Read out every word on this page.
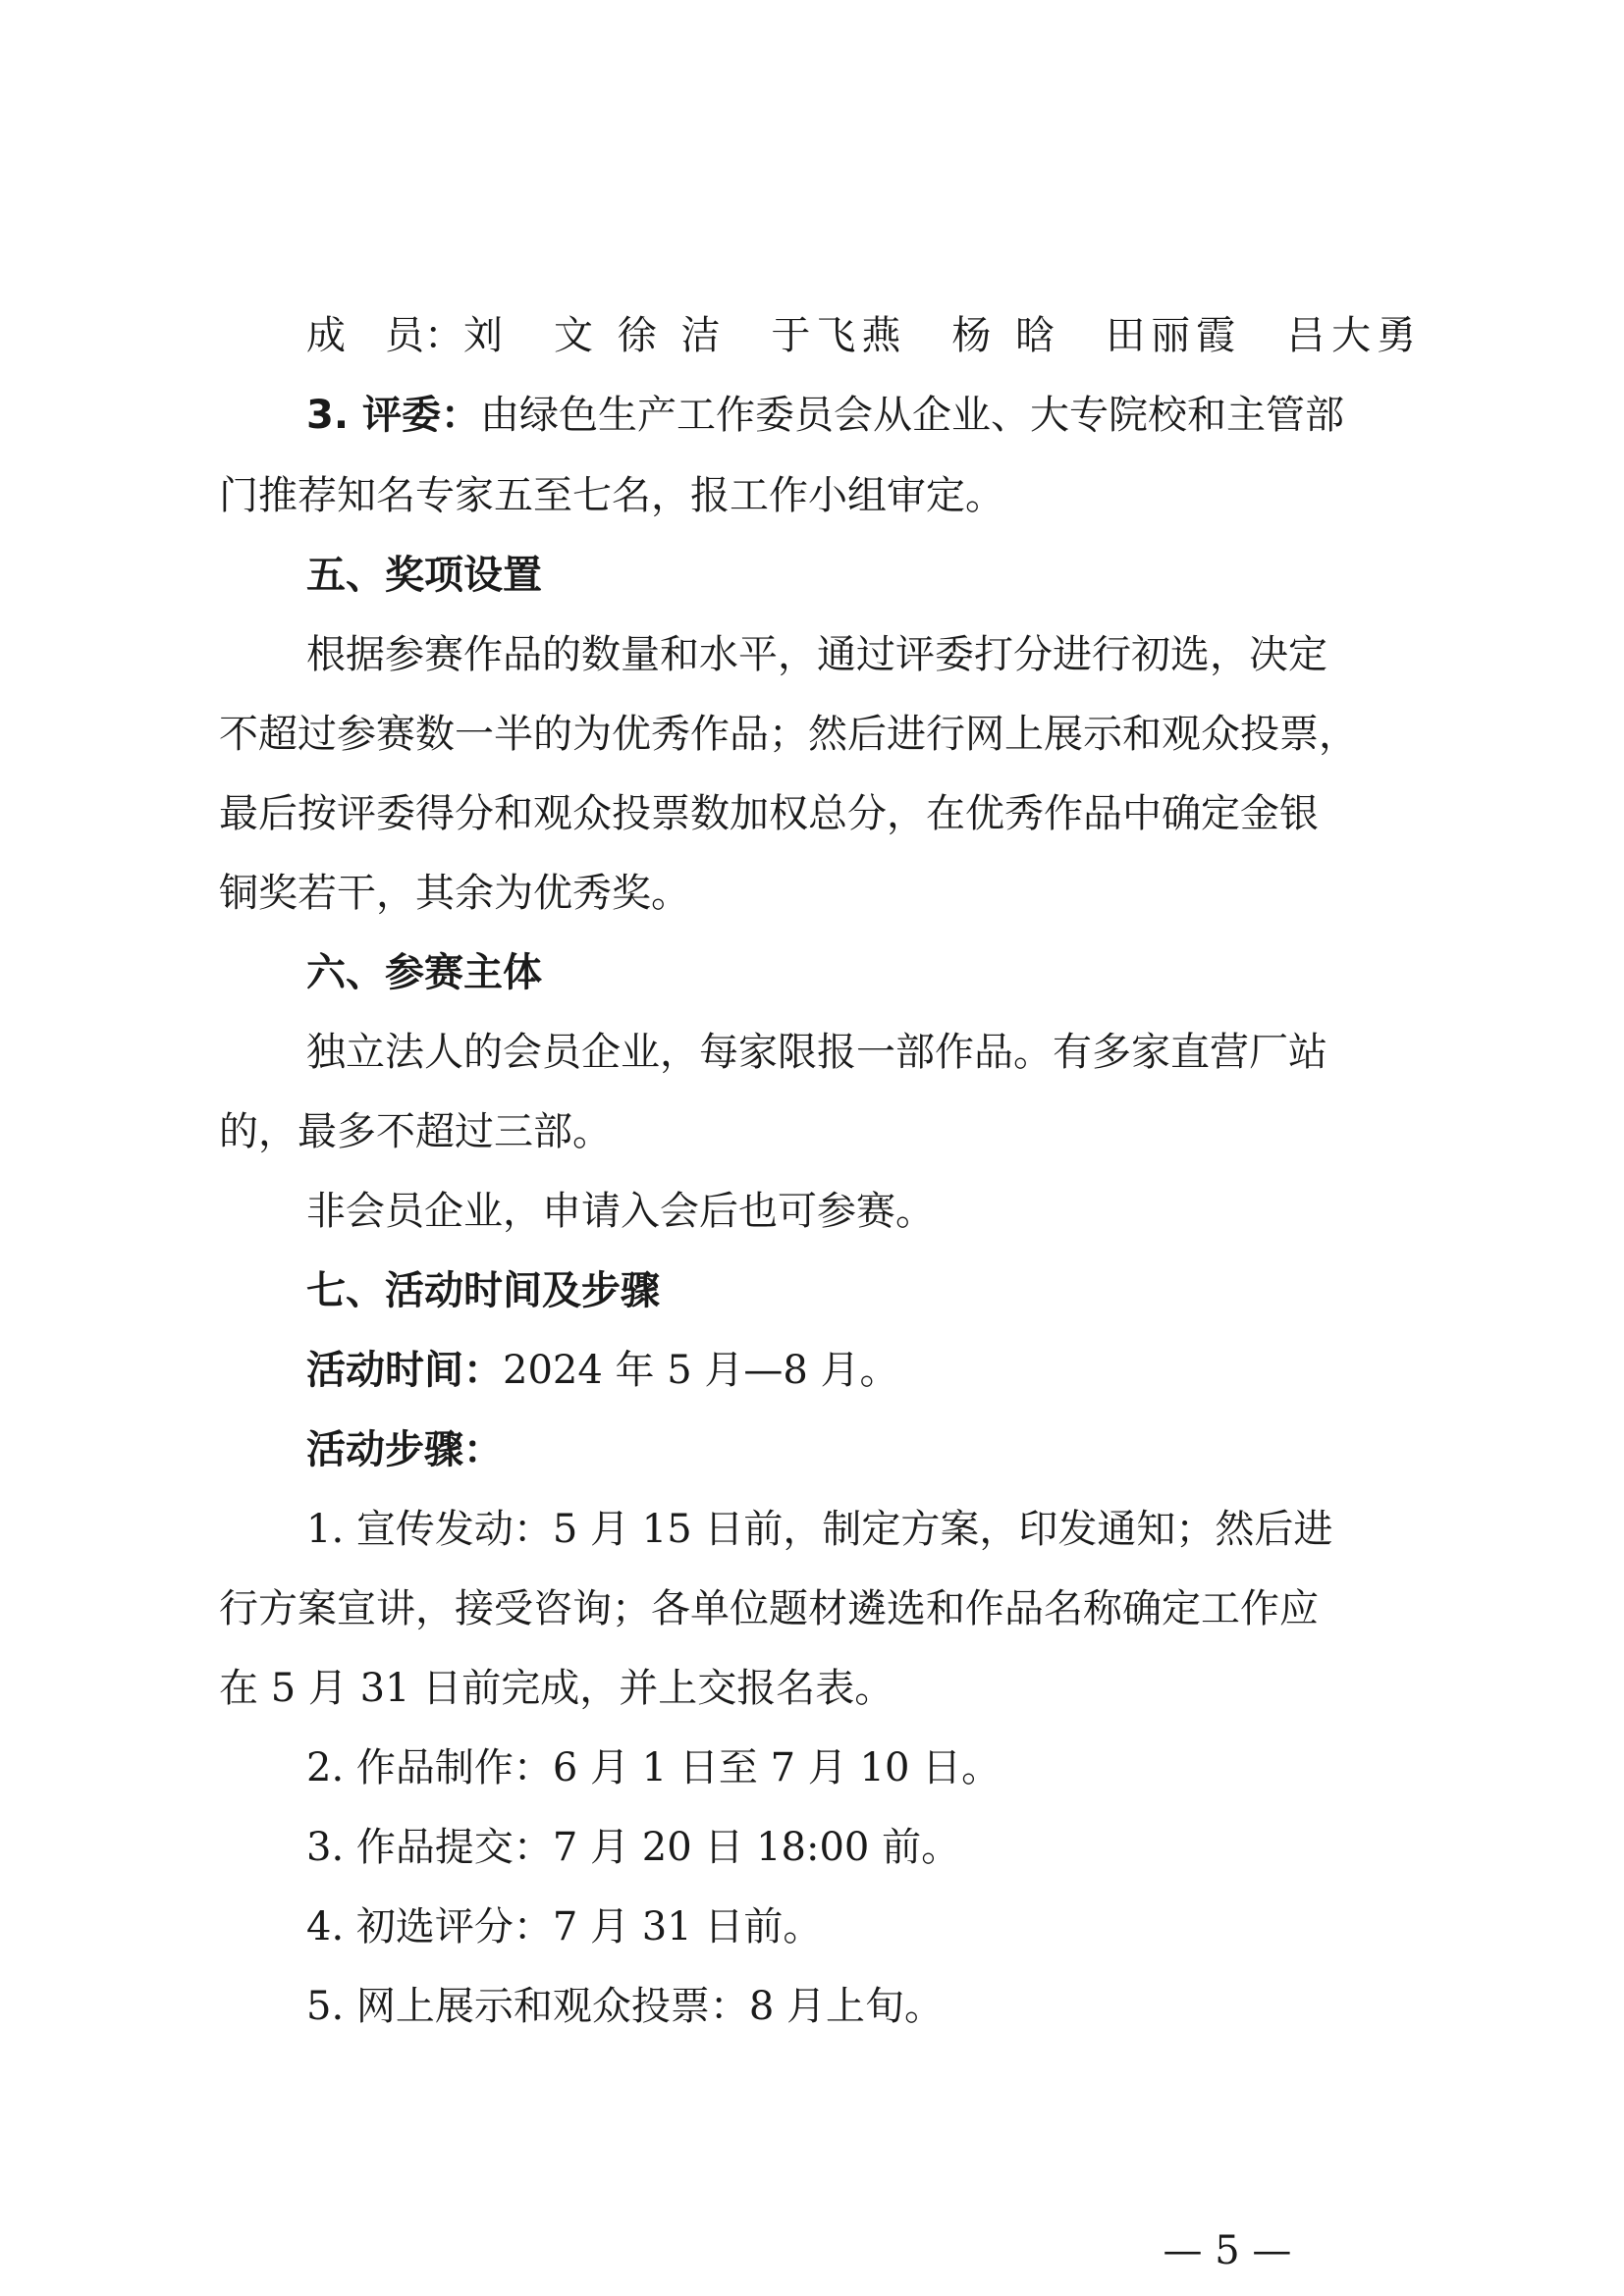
成　员：刘　文 徐 洁　于飞燕　杨 晗　田丽霞　吕大勇
3. 评委：由绿色生产工作委员会从企业、大专院校和主管部
门推荐知名专家五至七名，报工作小组审定。
五、奖项设置
根据参赛作品的数量和水平，通过评委打分进行初选，决定
不超过参赛数一半的为优秀作品；然后进行网上展示和观众投票，
最后按评委得分和观众投票数加权总分，在优秀作品中确定金银
铜奖若干，其余为优秀奖。
六、参赛主体
独立法人的会员企业，每家限报一部作品。有多家直营厂站
的，最多不超过三部。
非会员企业，申请入会后也可参赛。
七、活动时间及步骤
活动时间：2024 年 5 月—8 月。
活动步骤：
1. 宣传发动：5 月 15 日前，制定方案，印发通知；然后进
行方案宣讲，接受咨询；各单位题材遴选和作品名称确定工作应
在 5 月 31 日前完成，并上交报名表。
2. 作品制作：6 月 1 日至 7 月 10 日。
3. 作品提交：7 月 20 日 18:00 前。
4. 初选评分：7 月 31 日前。
5. 网上展示和观众投票：8 月上旬。
— 5 —
